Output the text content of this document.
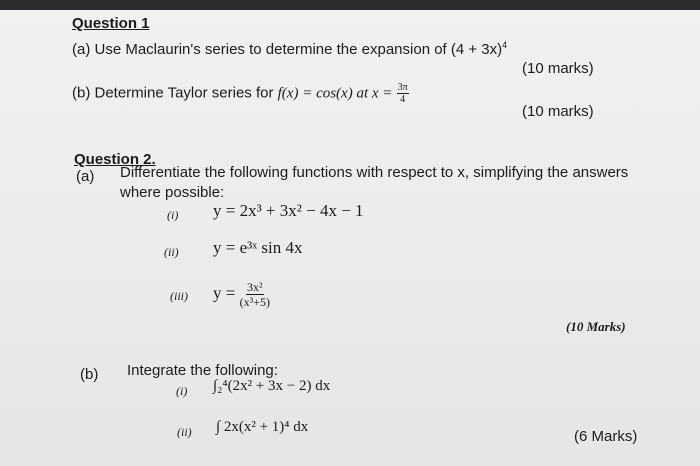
Question 1
(a) Use Maclaurin's series to determine the expansion of $(4 + 3x)^4$
(10 marks)
(b) Determine Taylor series for f(x) = cos(x) at $x = \frac{3\pi}{4}$
(10 marks)
Question 2.
(a) Differentiate the following functions with respect to x, simplifying the answers
where possible:
(i) y = 2x³ + 3x² − 4x − 1
(ii) y = e³ˣ sin 4x
(iii) $y = \frac{\text{3x²}}{\text{(x³+5)}}$
(10 Marks)
(b) Integrate the following:
(i) ∫₂⁴(2x² + 3x − 2) dx
(ii) ∫ 2x(x² + 1)⁴ dx
(6 Marks)
